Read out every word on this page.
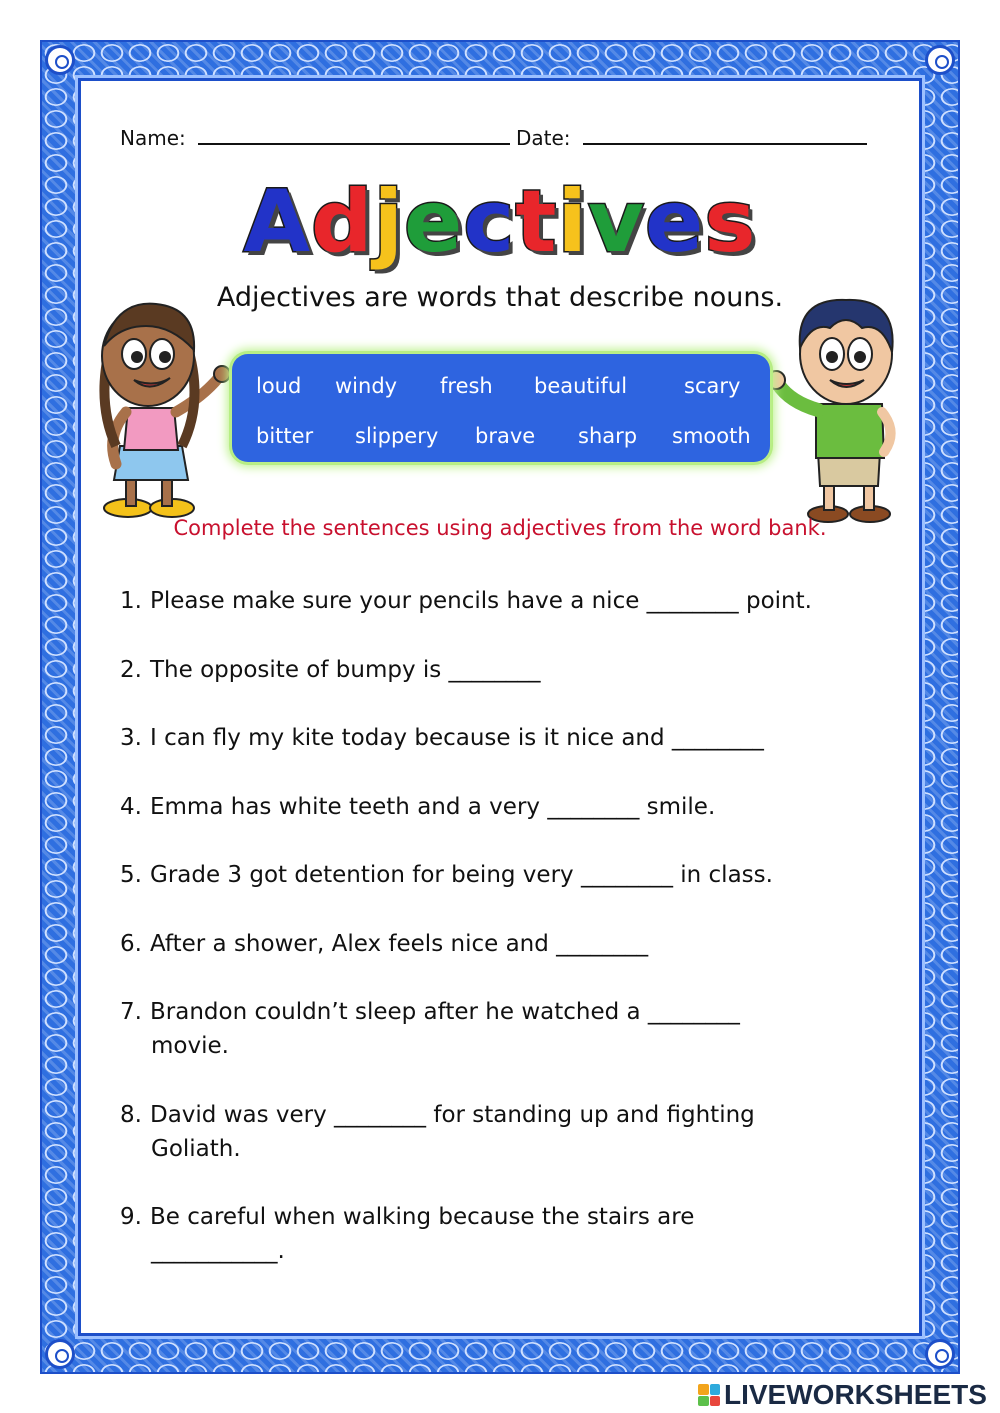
Name:	Date:
Adjectives
Adjectives are words that describe nouns.
loud windy fresh beautiful	scary
bitter slippery brave sharp smooth
Complete the sentences using adjectives from the word bank.
1. Please make sure your pencils have a nice ________ point.
2. The opposite of bumpy is ________
3. I can fly my kite today because is it nice and ________
4. Emma has white teeth and a very ________ smile.
5. Grade 3 got detention for being very ________ in class.
6. After a shower, Alex feels nice and ________
7. Brandon couldn’t sleep after he watched a ________
movie.
8. David was very ________ for standing up and fighting
Goliath.
9. Be careful when walking because the stairs are
___________.
LIVEWORKSHEETS
